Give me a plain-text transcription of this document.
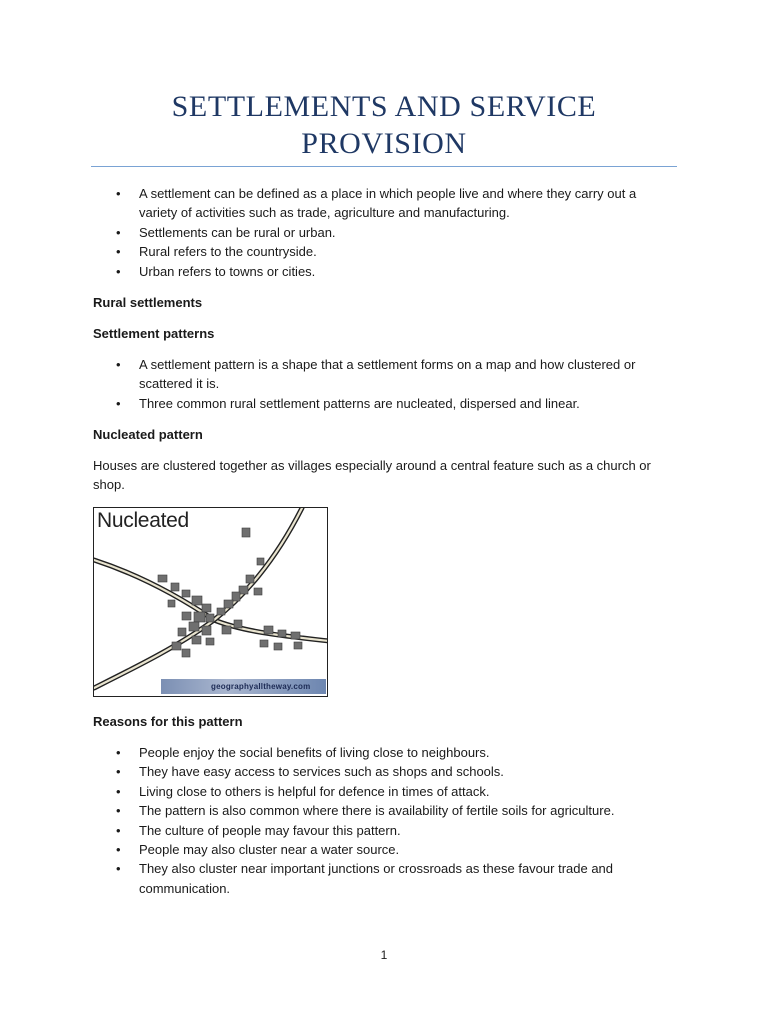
SETTLEMENTS AND SERVICE PROVISION
• A settlement can be defined as a place in which people live and where they carry out a variety of activities such as trade, agriculture and manufacturing.
• Settlements can be rural or urban.
• Rural refers to the countryside.
• Urban refers to towns or cities.
Rural settlements
Settlement patterns
• A settlement pattern is a shape that a settlement forms on a map and how clustered or scattered it is.
• Three common rural settlement patterns are nucleated, dispersed and linear.
Nucleated pattern
Houses are clustered together as villages especially around a central feature such as a church or shop.
Nucleated
geographyalltheway.com
Reasons for this pattern
• People enjoy the social benefits of living close to neighbours.
• They have easy access to services such as shops and schools.
• Living close to others is helpful for defence in times of attack.
• The pattern is also common where there is availability of fertile soils for agriculture.
• The culture of people may favour this pattern.
• People may also cluster near a water source.
• They also cluster near important junctions or crossroads as these favour trade and communication.
1
